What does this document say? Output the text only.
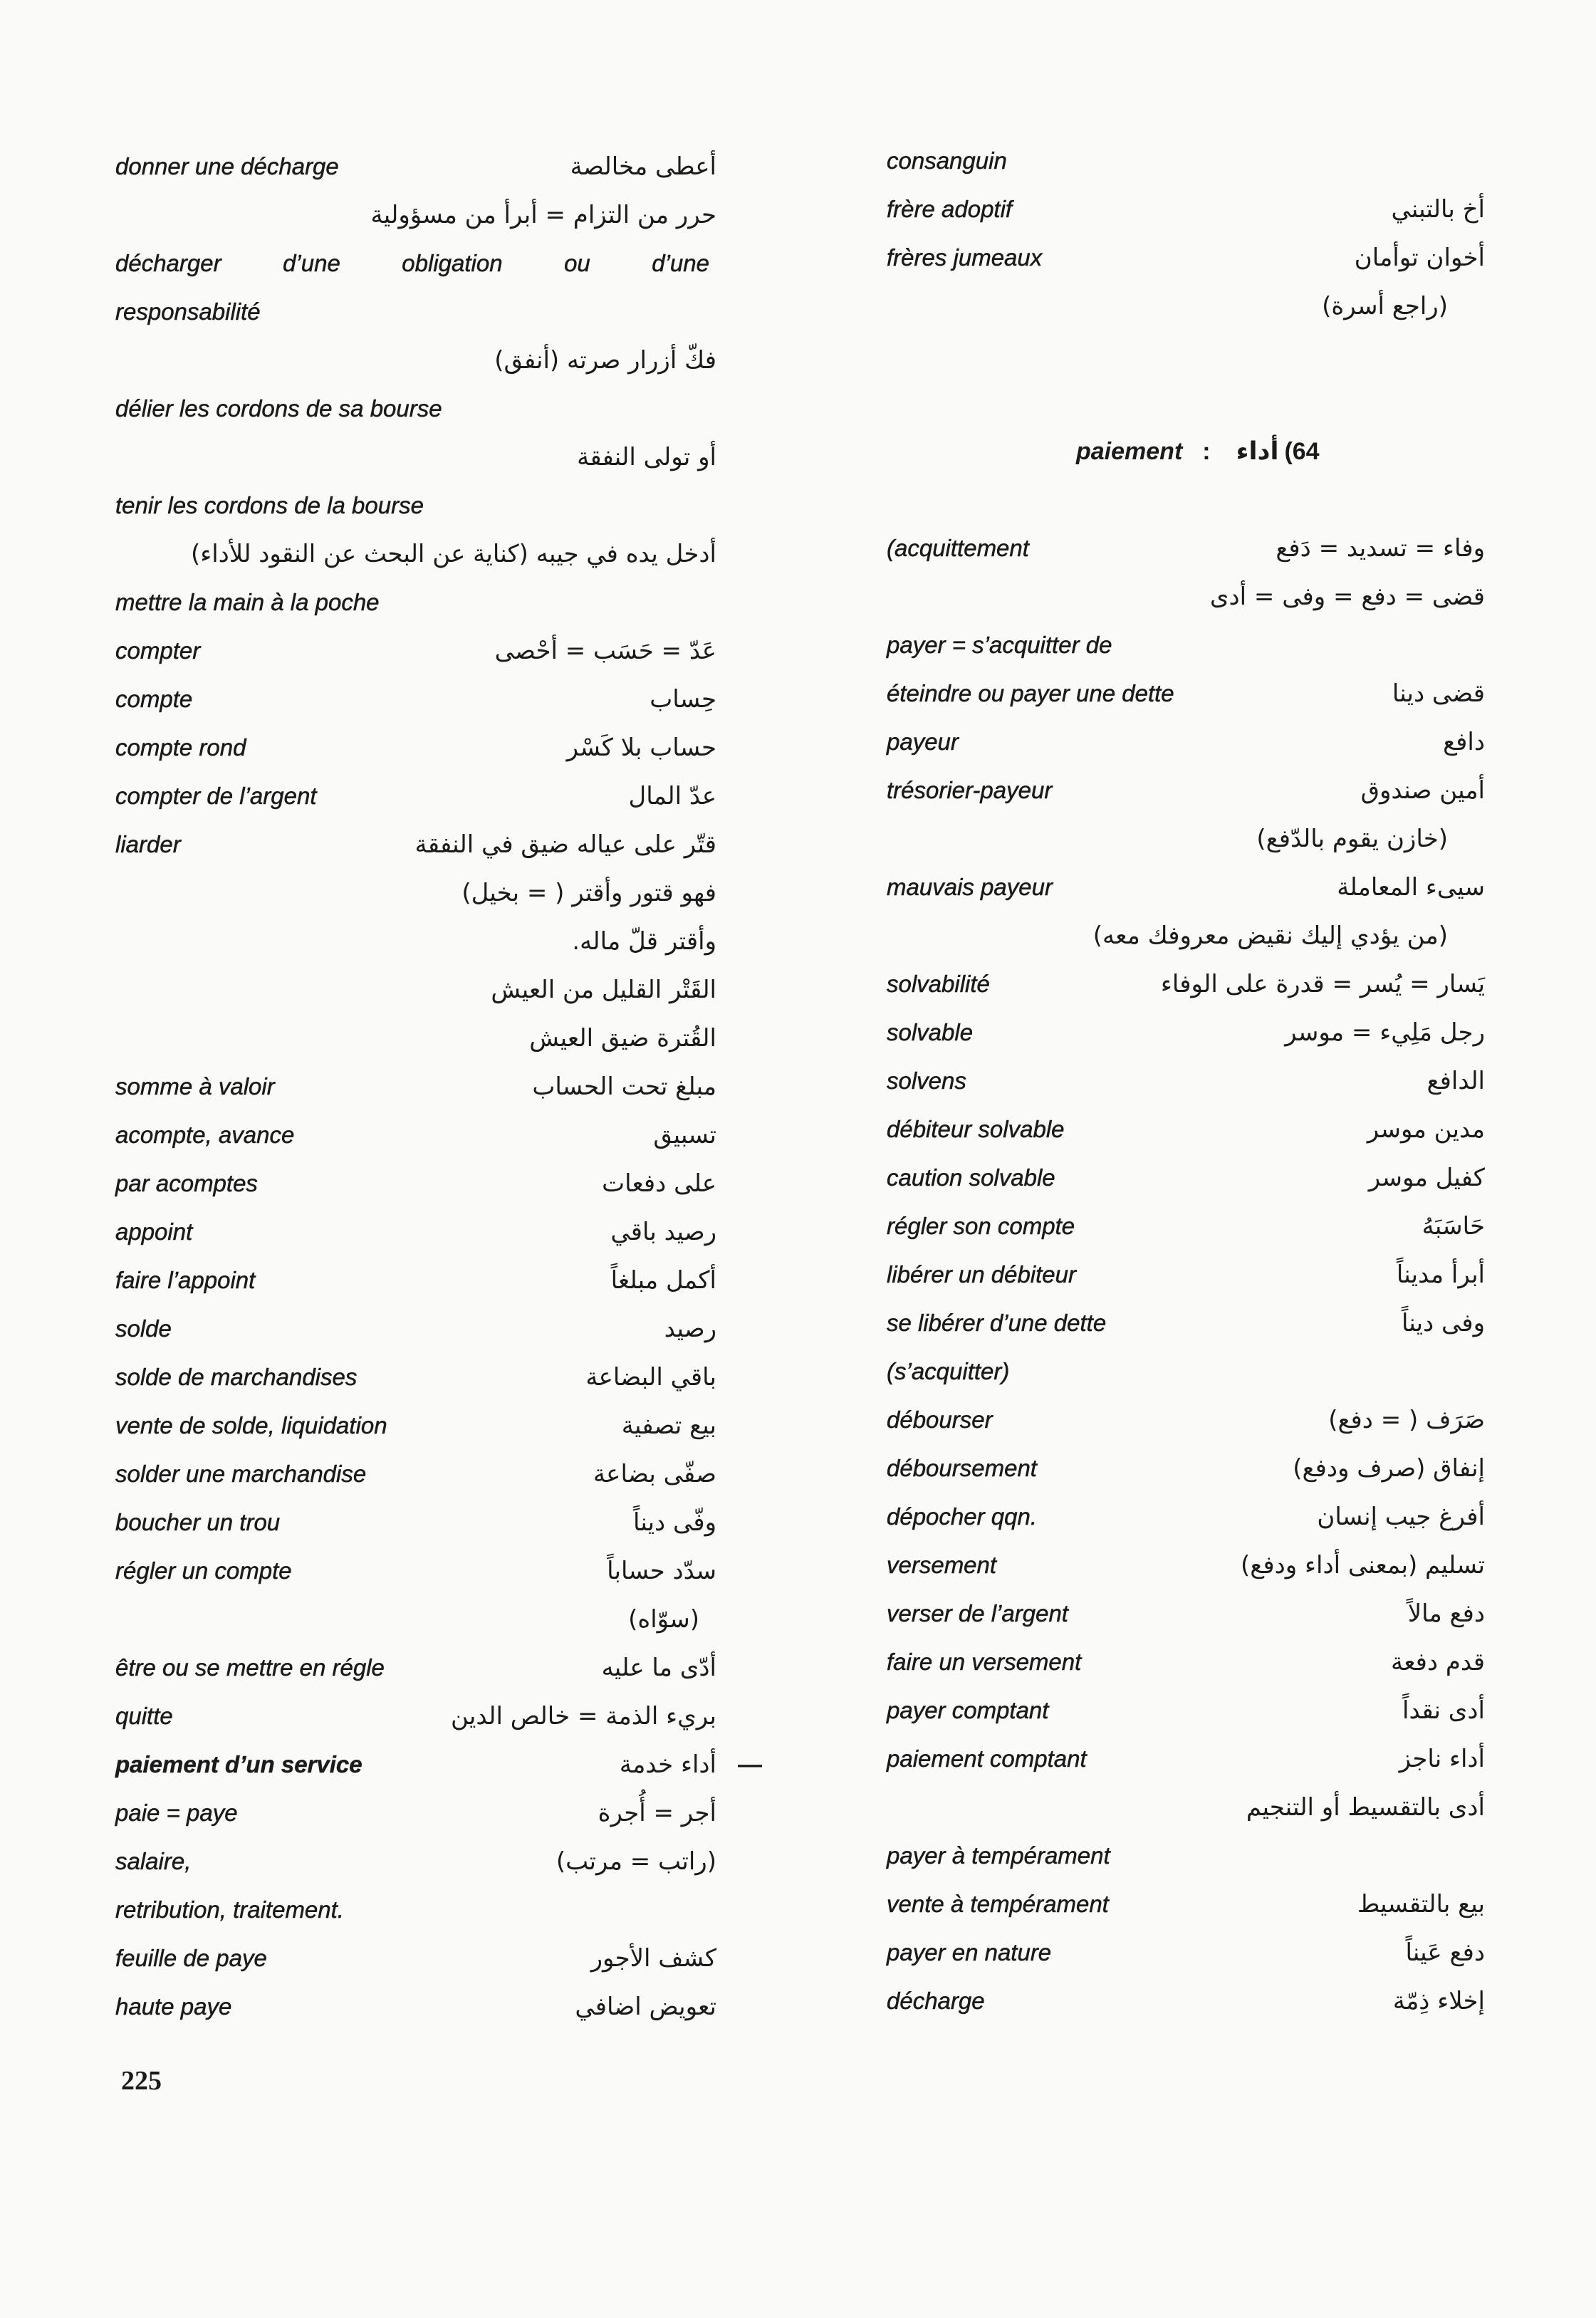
donner une décharge	أعطى مخالصة
حرر من التزام = أبرأ من مسؤولية
décharger d’une obligation ou d’une
responsabilité
فكّ أزرار صرته (أنفق)
délier les cordons de sa bourse
أو تولى النفقة
tenir les cordons de la bourse
أدخل يده في جيبه (كناية عن البحث عن النقود للأداء)
mettre la main à la poche
compter	عَدّ = حَسَب = أحْصى
compte	حِساب
compte rond	حساب بلا كَسْر
compter de l’argent	عدّ المال
liarder	قتّر على عياله ضيق في النفقة
فهو قتور وأقتر ( = بخيل)
وأقتر قلّ ماله.
القَتْر القليل من العيش
القُترة ضيق العيش
somme à valoir	مبلغ تحت الحساب
acompte, avance	تسبيق
par acomptes	على دفعات
appoint	رصيد باقي
faire l’appoint	أكمل مبلغاً
solde	رصيد
solde de marchandises	باقي البضاعة
vente de solde, liquidation	بيع تصفية
solder une marchandise	صفّى بضاعة
boucher un trou	وفّى ديناً
régler un compte	سدّد حساباً
(سوّاه)
être ou se mettre en régle	أدّى ما عليه
quitte	بريء الذمة = خالص الدين
paiement d’un service	أداء خدمة —
paie = paye	أجر = أُجرة
salaire,	(راتب = مرتب)
retribution, traitement.
feuille de paye	كشف الأجور
haute paye	تعويض اضافي
consanguin
frère adoptif	أخ بالتبني
frères jumeaux	أخوان توأمان
(راجع أسرة)
paiement : أداء (64
(acquittement	وفاء = تسديد = دَفع
قضى = دفع = وفى = أدى
payer = s’acquitter de
éteindre ou payer une dette	قضى دينا
payeur	دافع
trésorier-payeur	أمين صندوق
(خازن يقوم بالدّفع)
mauvais payeur	سيىء المعاملة
(من يؤدي إليك نقيض معروفك معه)
solvabilité	يَسار = يُسر = قدرة على الوفاء
solvable	رجل مَلِيء = موسر
solvens	الدافع
débiteur solvable	مدين موسر
caution solvable	كفيل موسر
régler son compte	حَاسَبَهُ
libérer un débiteur	أبرأ مديناً
se libérer d’une dette	وفى ديناً
(s’acquitter)
débourser	صَرَف ( = دفع)
déboursement	إنفاق (صرف ودفع)
dépocher qqn.	أفرغ جيب إنسان
versement	تسليم (بمعنى أداء ودفع)
verser de l’argent	دفع مالاً
faire un versement	قدم دفعة
payer comptant	أدى نقداً
paiement comptant	أداء ناجز
أدى بالتقسيط أو التنجيم
payer à tempérament
vente à tempérament	بيع بالتقسيط
payer en nature	دفع عَيناً
décharge	إخلاء ذِمّة
225
